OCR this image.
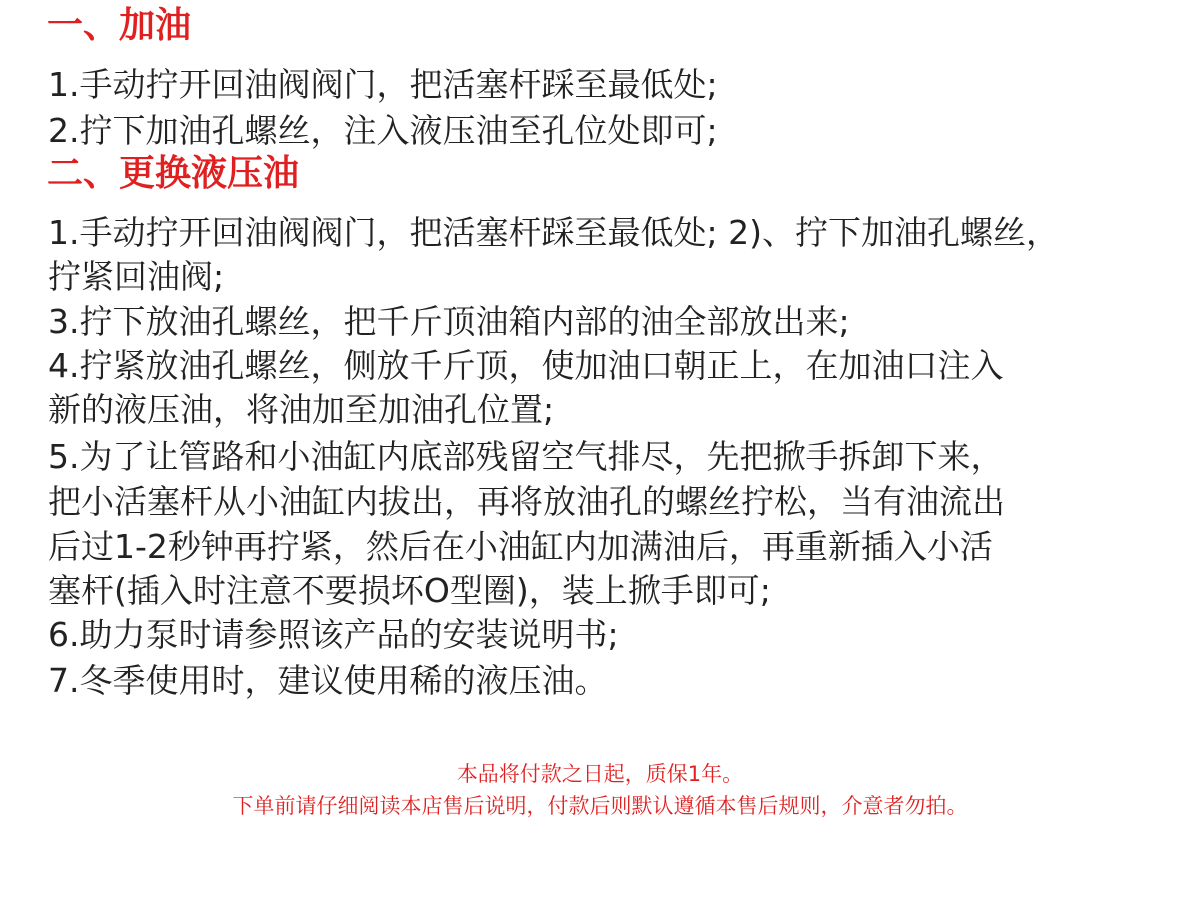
一、加油

1.手动拧开回油阀阀门，把活塞杆踩至最低处;

2.拧下加油孔螺丝，注入液压油至孔位处即可;

二、更换液压油

1.手动拧开回油阀阀门，把活塞杆踩至最低处; 2)、拧下加油孔螺丝，

拧紧回油阀;

3.拧下放油孔螺丝，把千斤顶油箱内部的油全部放出来;

4.拧紧放油孔螺丝，侧放千斤顶，使加油口朝正上，在加油口注入

新的液压油，将油加至加油孔位置;

5.为了让管路和小油缸内底部残留空气排尽，先把掀手拆卸下来，

把小活塞杆从小油缸内拔出，再将放油孔的螺丝拧松，当有油流出

后过1-2秒钟再拧紧，然后在小油缸内加满油后，再重新插入小活

塞杆(插入时注意不要损坏O型圈)，装上掀手即可;

6.助力泵时请参照该产品的安装说明书;

7.冬季使用时，建议使用稀的液压油。

本品将付款之日起，质保1年。

下单前请仔细阅读本店售后说明，付款后则默认遵循本售后规则，介意者勿拍。
